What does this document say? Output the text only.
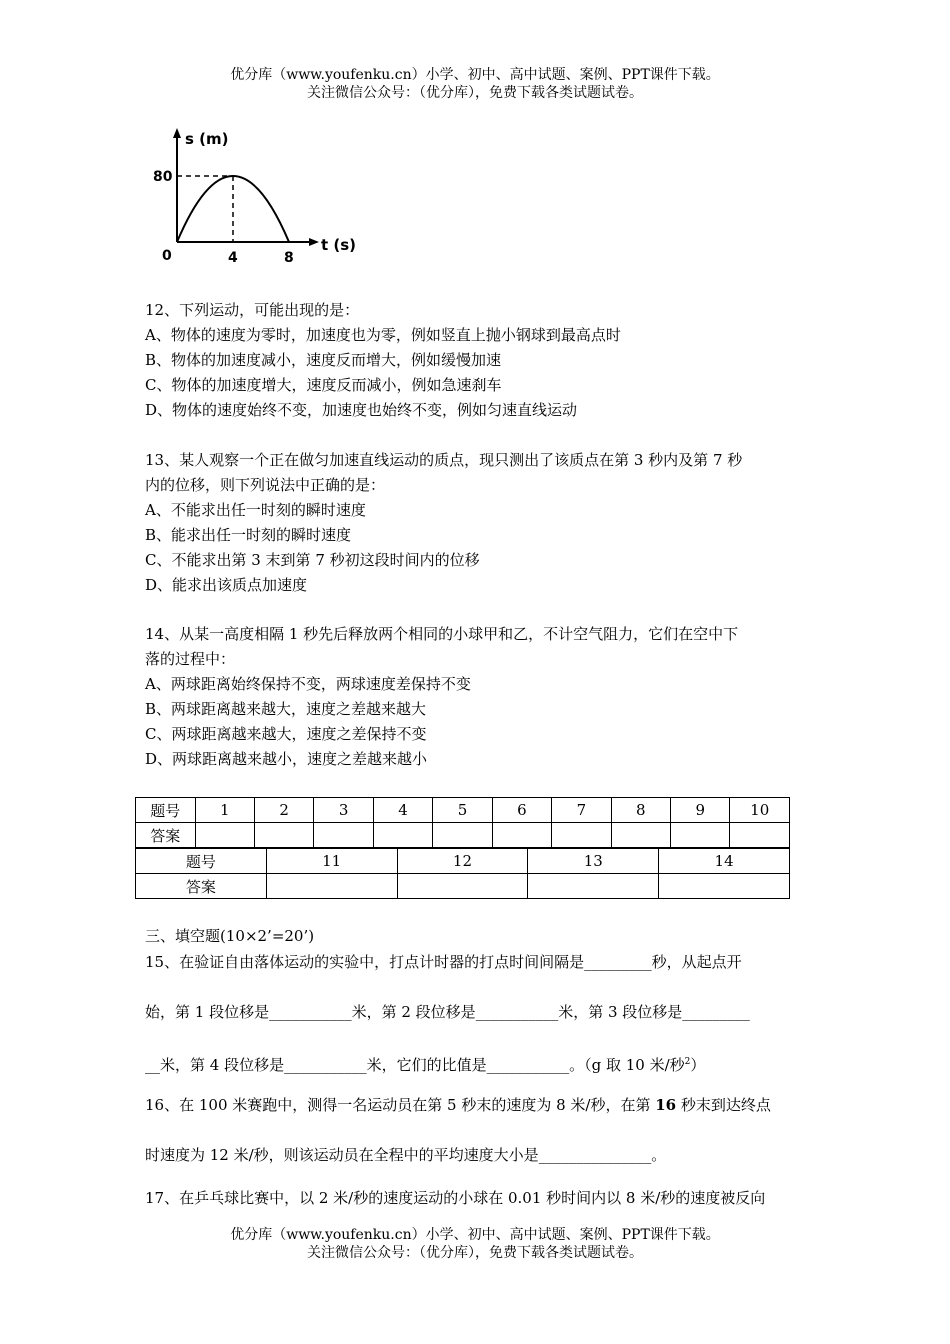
优分库（www.youfenku.cn）小学、初中、高中试题、案例、PPT课件下载。
关注微信公众号：（优分库），免费下载各类试题试卷。
s (m)
t (s)
80
0	4	8
12、下列运动，可能出现的是：
A、物体的速度为零时，加速度也为零，例如竖直上抛小钢球到最高点时
B、物体的加速度减小，速度反而增大，例如缓慢加速
C、物体的加速度增大，速度反而减小，例如急速刹车
D、物体的速度始终不变，加速度也始终不变，例如匀速直线运动
13、某人观察一个正在做匀加速直线运动的质点，现只测出了该质点在第 3 秒内及第 7 秒
内的位移，则下列说法中正确的是：
A、不能求出任一时刻的瞬时速度
B、能求出任一时刻的瞬时速度
C、不能求出第 3 末到第 7 秒初这段时间内的位移
D、能求出该质点加速度
14、从某一高度相隔 1 秒先后释放两个相同的小球甲和乙，不计空气阻力，它们在空中下
落的过程中：
A、两球距离始终保持不变，两球速度差保持不变
B、两球距离越来越大，速度之差越来越大
C、两球距离越来越大，速度之差保持不变
D、两球距离越来越小，速度之差越来越小
题号	1	2	3	4	5	6	7	8	9	10
答案										
题号	11	12	13	14
答案				
三、填空题(10×2’=20’)
15、在验证自由落体运动的实验中，打点计时器的打点时间间隔是_________秒，从起点开
始，第 1 段位移是___________米，第 2 段位移是___________米，第 3 段位移是_________
__米，第 4 段位移是___________米，它们的比值是___________。（g 取 10 米/秒$^2$）
16、在 100 米赛跑中，测得一名运动员在第 5 秒末的速度为 8 米/秒，在第 16 秒末到达终点
时速度为 12 米/秒，则该运动员在全程中的平均速度大小是_______________。
17、在乒乓球比赛中，以 2 米/秒的速度运动的小球在 0.01 秒时间内以 8 米/秒的速度被反向
优分库（www.youfenku.cn）小学、初中、高中试题、案例、PPT课件下载。
关注微信公众号：（优分库），免费下载各类试题试卷。
